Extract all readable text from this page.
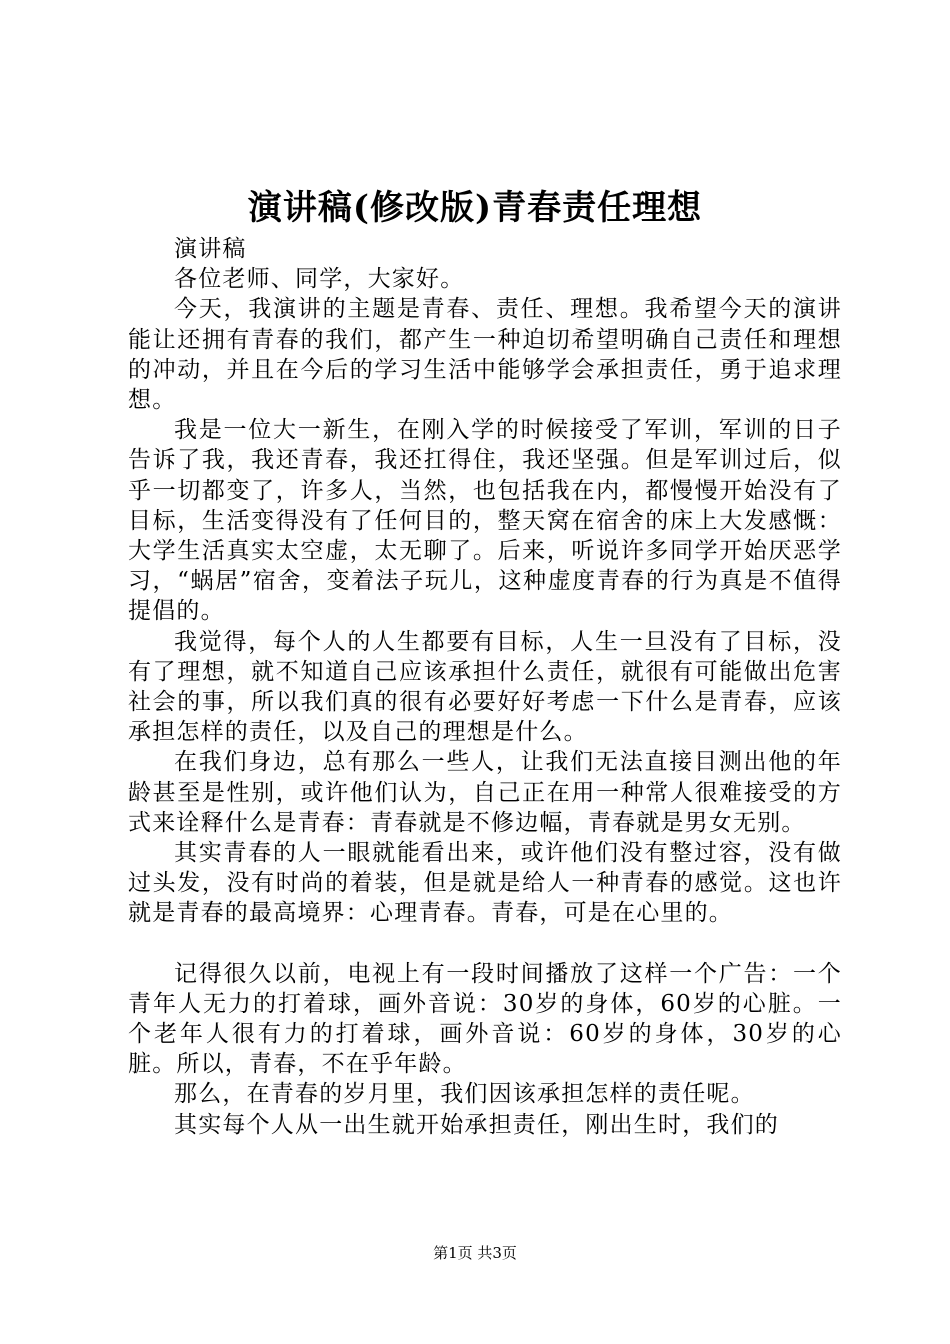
演讲稿(修改版)青春责任理想

演讲稿

各位老师、同学，大家好。

今天，我演讲的主题是青春、责任、理想。我希望今天的演讲能让还拥有青春的我们，都产生一种迫切希望明确自己责任和理想的冲动，并且在今后的学习生活中能够学会承担责任，勇于追求理想。

我是一位大一新生，在刚入学的时候接受了军训，军训的日子告诉了我，我还青春，我还扛得住，我还坚强。但是军训过后，似乎一切都变了，许多人，当然，也包括我在内，都慢慢开始没有了目标，生活变得没有了任何目的，整天窝在宿舍的床上大发感慨：大学生活真实太空虚，太无聊了。后来，听说许多同学开始厌恶学习，“蜗居”宿舍，变着法子玩儿，这种虚度青春的行为真是不值得提倡的。

我觉得，每个人的人生都要有目标，人生一旦没有了目标，没有了理想，就不知道自己应该承担什么责任，就很有可能做出危害社会的事，所以我们真的很有必要好好考虑一下什么是青春，应该承担怎样的责任，以及自己的理想是什么。

在我们身边，总有那么一些人，让我们无法直接目测出他的年龄甚至是性别，或许他们认为，自己正在用一种常人很难接受的方式来诠释什么是青春：青春就是不修边幅，青春就是男女无别。

其实青春的人一眼就能看出来，或许他们没有整过容，没有做过头发，没有时尚的着装，但是就是给人一种青春的感觉。这也许就是青春的最高境界：心理青春。青春，可是在心里的。

记得很久以前，电视上有一段时间播放了这样一个广告：一个青年人无力的打着球，画外音说：30岁的身体，60岁的心脏。一个老年人很有力的打着球，画外音说：60岁的身体，30岁的心脏。所以，青春，不在乎年龄。

那么，在青春的岁月里，我们因该承担怎样的责任呢。

其实每个人从一出生就开始承担责任，刚出生时，我们的

第1页 共3页
